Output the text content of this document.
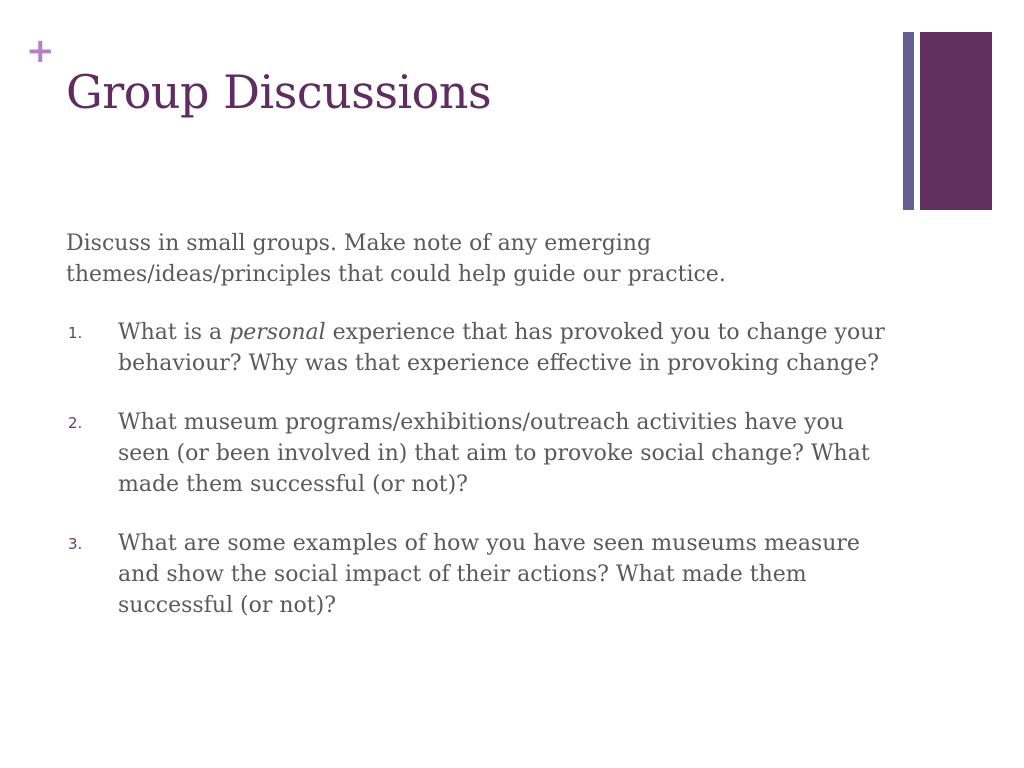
+
Group Discussions

Discuss in small groups. Make note of any emerging themes/ideas/principles that could help guide our practice.

1. What is a personal experience that has provoked you to change your behaviour? Why was that experience effective in provoking change?
2. What museum programs/exhibitions/outreach activities have you seen (or been involved in) that aim to provoke social change? What made them successful (or not)?
3. What are some examples of how you have seen museums measure and show the social impact of their actions? What made them successful (or not)?
